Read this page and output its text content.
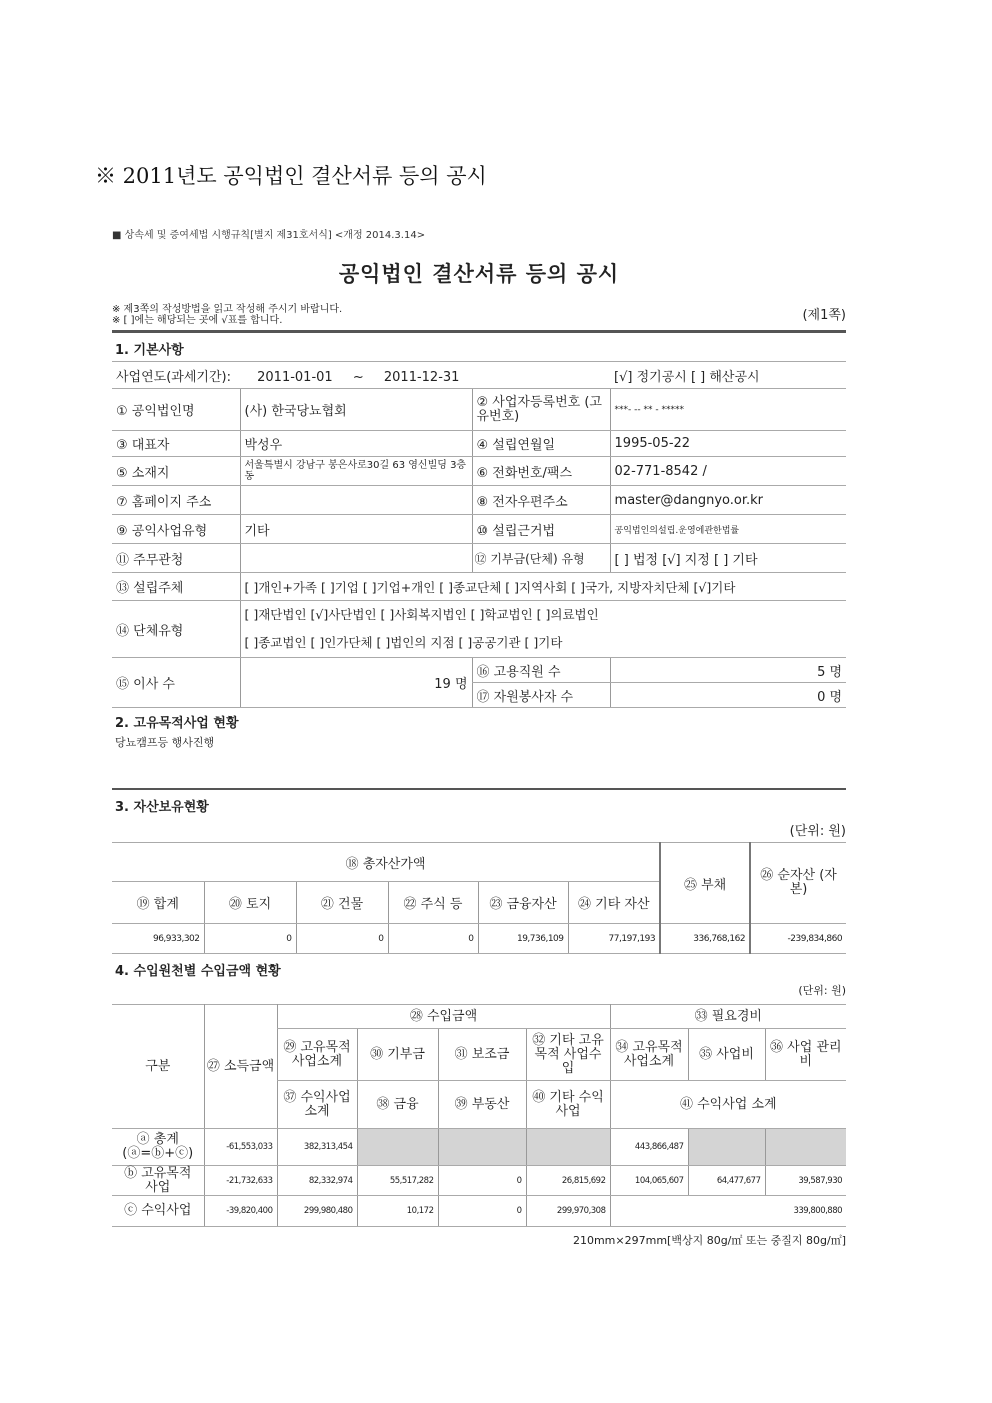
※ 2011년도 공익법인 결산서류 등의 공시
■ 상속세 및 증여세법 시행규칙[별지 제31호서식] <개정 2014.3.14>
공익법인 결산서류 등의 공시
※ 제3쪽의 작성방법을 읽고 작성해 주시기 바랍니다.
※ [ ]에는 해당되는 곳에 √표를 합니다.	(제1쪽)
1. 기본사항
사업연도(과세기간): 2011-01-01 ~ 2011-12-31			[√] 정기공시 [ ] 해산공시
① 공익법인명	(사) 한국당뇨협회	② 사업자등록번호 (고유번호)	***- -- ** - *****
③ 대표자	박성우	④ 설립연월일	1995-05-22
⑤ 소재지	서울특별시 강남구 봉은사로30길 63 영신빌딩 3층동	⑥ 전화번호/팩스	02-771-8542 /
⑦ 홈페이지 주소		⑧ 전자우편주소	master@dangnyo.or.kr
⑨ 공익사업유형	기타	⑩ 설립근거법	공익법인의설립.운영에관한법률
⑪ 주무관청		⑫ 기부금(단체) 유형	[ ] 법정 [√] 지정 [ ] 기타
⑬ 설립주체	[ ]개인+가족 [ ]기업 [ ]기업+개인 [ ]종교단체 [ ]지역사회 [ ]국가, 지방자치단체 [√]기타		
⑭ 단체유형	[ ]재단법인 [√]사단법인 [ ]사회복지법인 [ ]학교법인 [ ]의료법인
[ ]종교법인 [ ]인가단체 [ ]법인의 지점 [ ]공공기관 [ ]기타		

⑮ 이사 수	19 명	⑯ 고용직원 수	5 명
		⑰ 자원봉사자 수	0 명
2. 고유목적사업 현황
당뇨캠프등 행사진행
3. 자산보유현황
(단위: 원)
⑱ 총자산가액						㉕ 부채	㉖ 순자산 (자본)
⑲ 합계	⑳ 토지	㉑ 건물	㉒ 주식 등	㉓ 금융자산	㉔ 기타 자산		
96,933,302	0	0	0	19,736,109	77,197,193	336,768,162	-239,834,860
4. 수입원천별 수입금액 현황
(단위: 원)
구분	㉗ 소득금액	㉘ 수입금액				㉝ 필요경비		
		㉙ 고유목적 사업소계	㉚ 기부금	㉛ 보조금	㉜ 기타 고유목적 사업수입	㉞ 고유목적 사업소계	㉟ 사업비	㊱ 사업 관리비
		㊲ 수익사업 소계	㊳ 금융	㊴ 부동산	㊵ 기타 수익사업	㊶ 수익사업 소계		
ⓐ 총계 (ⓐ=ⓑ+ⓒ)	-61,553,033	382,313,454				443,866,487		
ⓑ 고유목적 사업	-21,732,633	82,332,974	55,517,282	0	26,815,692	104,065,607	64,477,677	39,587,930
ⓒ 수익사업	-39,820,400	299,980,480	10,172	0	299,970,308	339,800,880		
210mm×297mm[백상지 80g/㎡ 또는 중질지 80g/㎡]
